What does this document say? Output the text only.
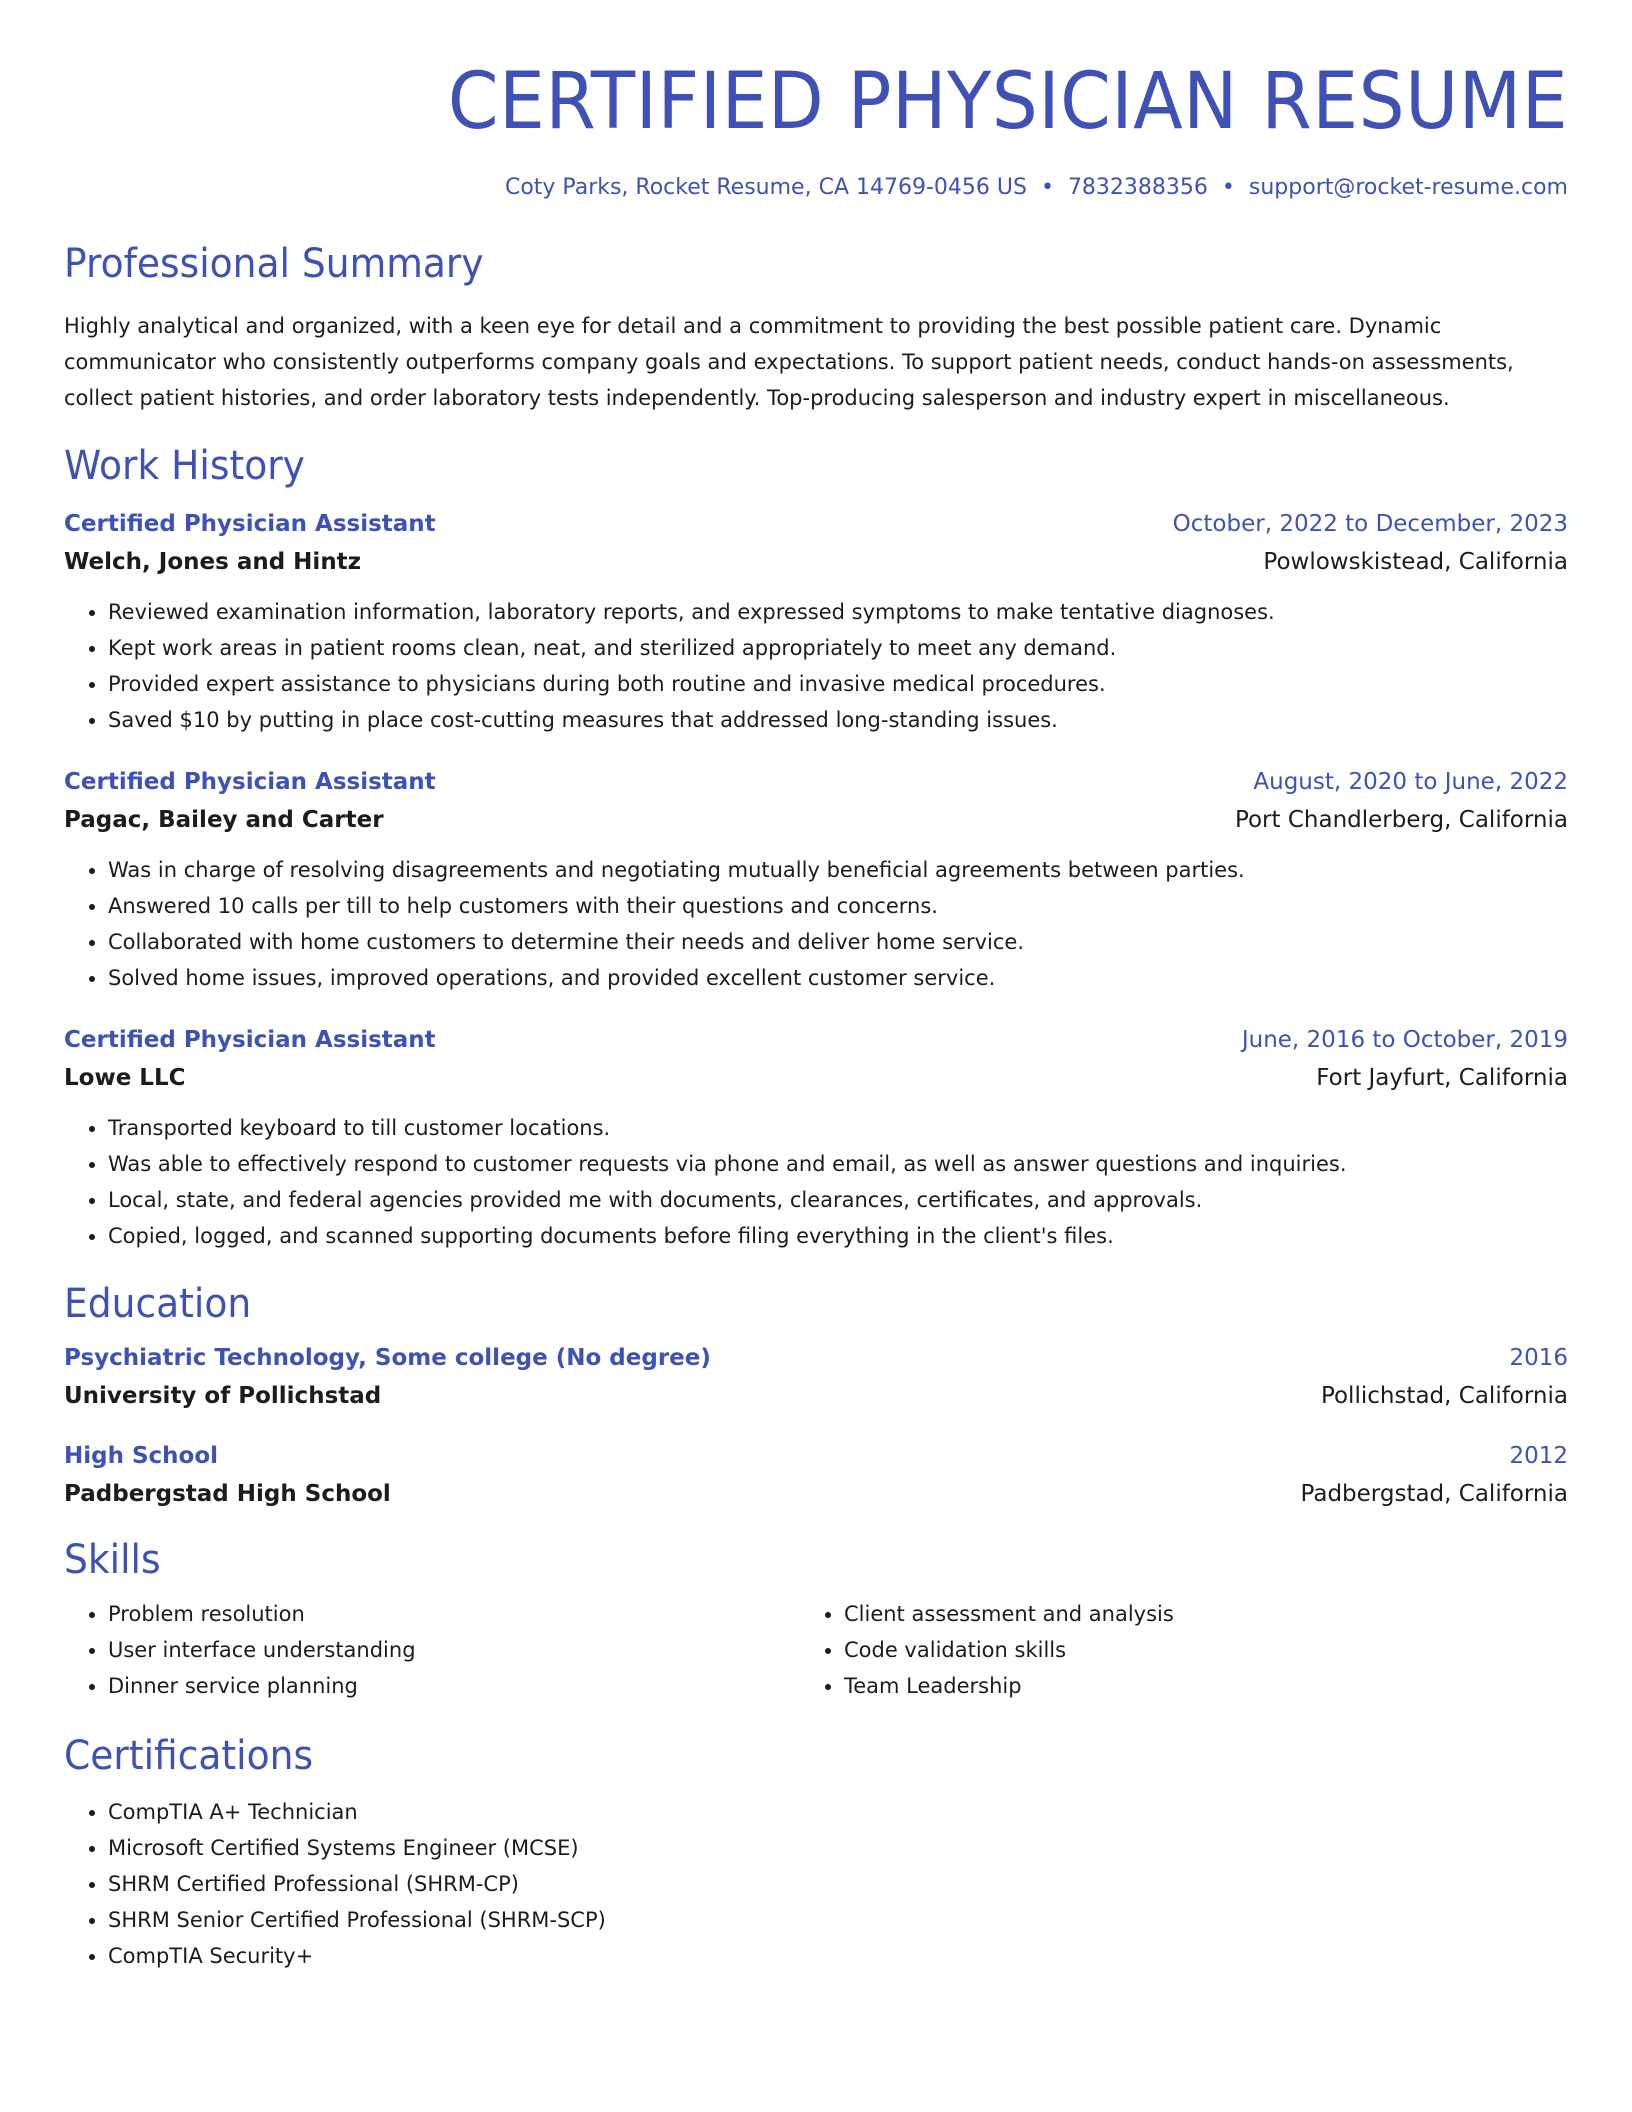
CERTIFIED PHYSICIAN RESUME
Coty Parks, Rocket Resume, CA 14769-0456 US • 7832388356 • support@rocket-resume.com
Professional Summary
Highly analytical and organized, with a keen eye for detail and a commitment to providing the best possible patient care. Dynamic communicator who consistently outperforms company goals and expectations. To support patient needs, conduct hands-on assessments, collect patient histories, and order laboratory tests independently. Top-producing salesperson and industry expert in miscellaneous.
Work History
Certified Physician Assistant	October, 2022 to December, 2023
Welch, Jones and Hintz	Powlowskistead, California
• Reviewed examination information, laboratory reports, and expressed symptoms to make tentative diagnoses.
• Kept work areas in patient rooms clean, neat, and sterilized appropriately to meet any demand.
• Provided expert assistance to physicians during both routine and invasive medical procedures.
• Saved $10 by putting in place cost-cutting measures that addressed long-standing issues.
Certified Physician Assistant	August, 2020 to June, 2022
Pagac, Bailey and Carter	Port Chandlerberg, California
• Was in charge of resolving disagreements and negotiating mutually beneficial agreements between parties.
• Answered 10 calls per till to help customers with their questions and concerns.
• Collaborated with home customers to determine their needs and deliver home service.
• Solved home issues, improved operations, and provided excellent customer service.
Certified Physician Assistant	June, 2016 to October, 2019
Lowe LLC	Fort Jayfurt, California
• Transported keyboard to till customer locations.
• Was able to effectively respond to customer requests via phone and email, as well as answer questions and inquiries.
• Local, state, and federal agencies provided me with documents, clearances, certificates, and approvals.
• Copied, logged, and scanned supporting documents before filing everything in the client's files.
Education
Psychiatric Technology, Some college (No degree)	2016
University of Pollichstad	Pollichstad, California
High School	2012
Padbergstad High School	Padbergstad, California
Skills
• Problem resolution
• User interface understanding
• Dinner service planning
• Client assessment and analysis
• Code validation skills
• Team Leadership
Certifications
• CompTIA A+ Technician
• Microsoft Certified Systems Engineer (MCSE)
• SHRM Certified Professional (SHRM-CP)
• SHRM Senior Certified Professional (SHRM-SCP)
• CompTIA Security+
